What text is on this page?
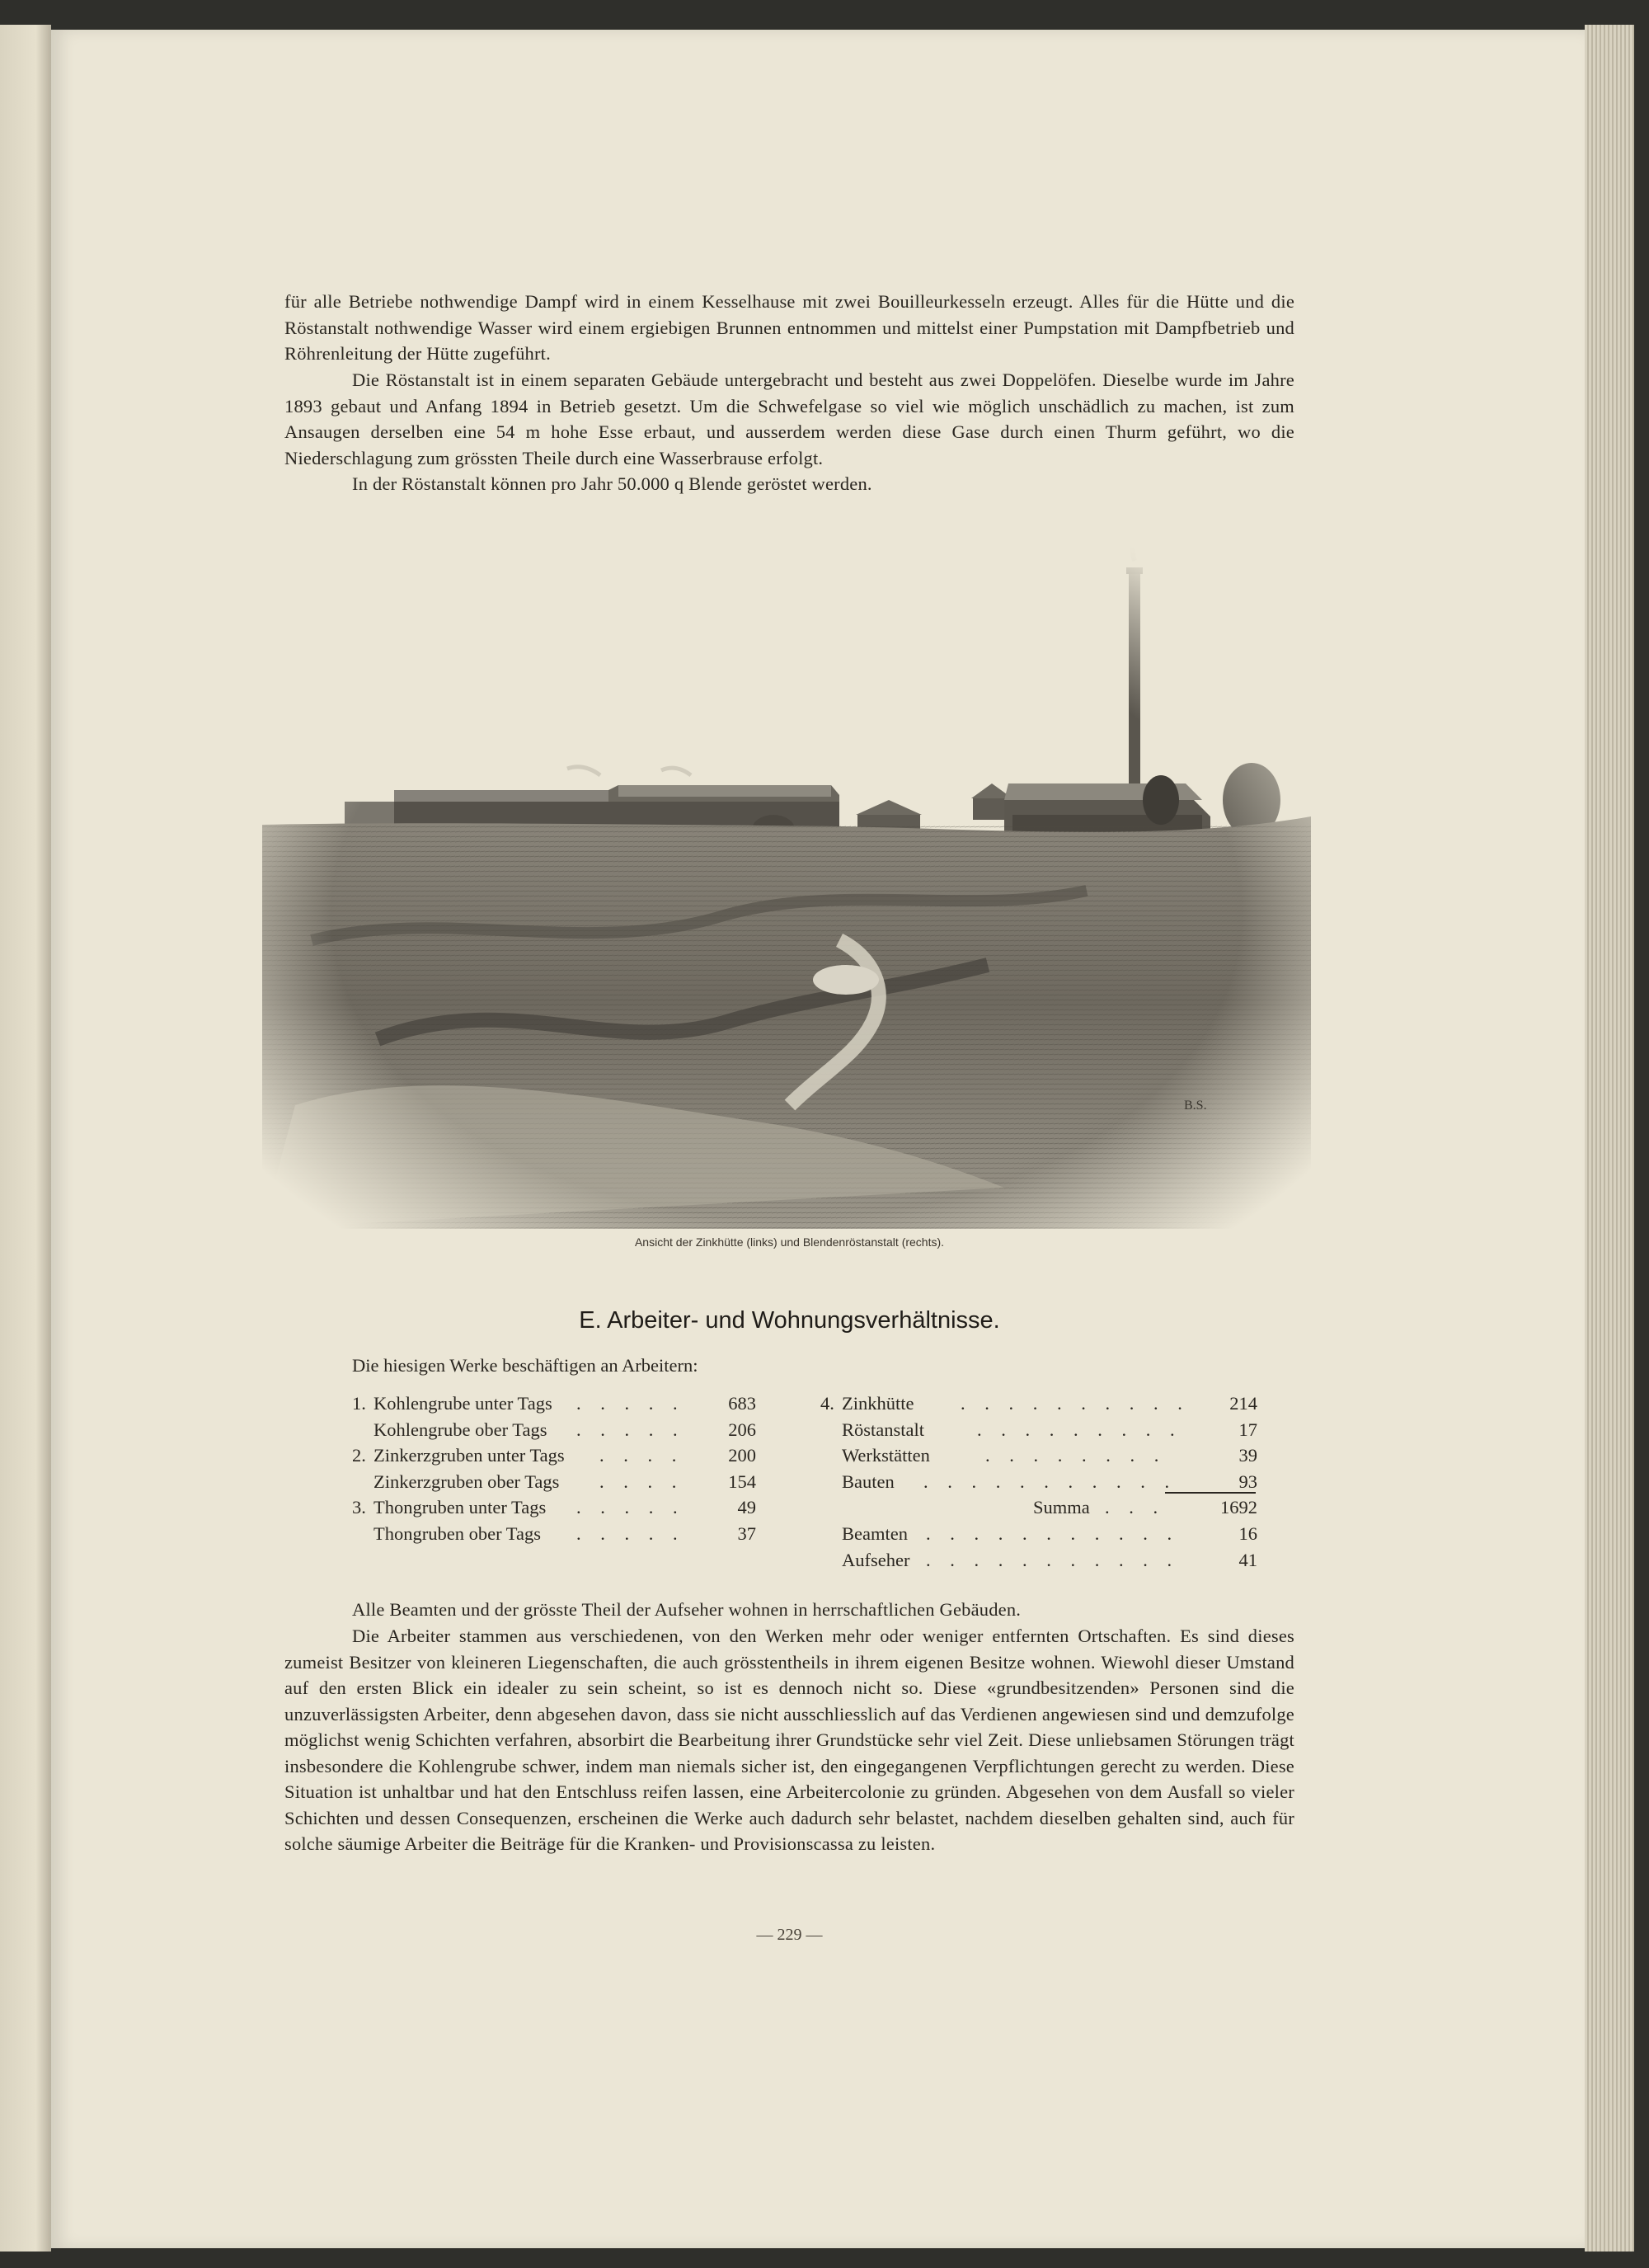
für alle Betriebe nothwendige Dampf wird in einem Kesselhause mit zwei Bouilleurkesseln erzeugt. Alles für die Hütte und die Röstanstalt nothwendige Wasser wird einem ergiebigen Brunnen entnommen und mittelst einer Pumpstation mit Dampfbetrieb und Röhrenleitung der Hütte zugeführt.
Die Röstanstalt ist in einem separaten Gebäude untergebracht und besteht aus zwei Doppelöfen. Dieselbe wurde im Jahre 1893 gebaut und Anfang 1894 in Betrieb gesetzt. Um die Schwefelgase so viel wie möglich unschädlich zu machen, ist zum Ansaugen derselben eine 54 m hohe Esse erbaut, und ausserdem werden diese Gase durch einen Thurm geführt, wo die Niederschlagung zum grössten Theile durch eine Wasserbrause erfolgt.
In der Röstanstalt können pro Jahr 50.000 q Blende geröstet werden.
B.S.
Ansicht der Zinkhütte (links) und Blendenröstanstalt (rechts).
E. Arbeiter- und Wohnungsverhältnisse.
Die hiesigen Werke beschäftigen an Arbeitern:
1. Kohlengrube unter Tags . . . . . 683
Kohlengrube ober Tags . . . . . 206
2. Zinkerzgruben unter Tags . . . . 200
Zinkerzgruben ober Tags . . . . 154
3. Thongruben unter Tags . . . . .	49
Thongruben ober Tags . . . . .	37
4. Zinkhütte	. . . . . . . . . . 214
Röstanstalt	. . . . . . . . .	17
Werkstätten	. . . . . . . .	39
Bauten . . . . . . . . . . .	93
Summa . . .	1692
Beamten . . . . . . . . . . .	16
Aufseher . . . . . . . . . . .	41
Alle Beamten und der grösste Theil der Aufseher wohnen in herrschaftlichen Gebäuden.
Die Arbeiter stammen aus verschiedenen, von den Werken mehr oder weniger entfernten Ortschaften. Es sind dieses zumeist Besitzer von kleineren Liegenschaften, die auch grösstentheils in ihrem eigenen Besitze wohnen. Wiewohl dieser Umstand auf den ersten Blick ein idealer zu sein scheint, so ist es dennoch nicht so. Diese «grundbesitzenden» Personen sind die unzuverlässigsten Arbeiter, denn abgesehen davon, dass sie nicht ausschliesslich auf das Verdienen angewiesen sind und demzufolge möglichst wenig Schichten verfahren, absorbirt die Bearbeitung ihrer Grundstücke sehr viel Zeit. Diese unliebsamen Störungen trägt insbesondere die Kohlengrube schwer, indem man niemals sicher ist, den eingegangenen Verpflichtungen gerecht zu werden. Diese Situation ist unhaltbar und hat den Entschluss reifen lassen, eine Arbeitercolonie zu gründen. Abgesehen von dem Ausfall so vieler Schichten und dessen Consequenzen, erscheinen die Werke auch dadurch sehr belastet, nachdem dieselben gehalten sind, auch für solche säumige Arbeiter die Beiträge für die Kranken- und Provisionscassa zu leisten.
— 229 —
